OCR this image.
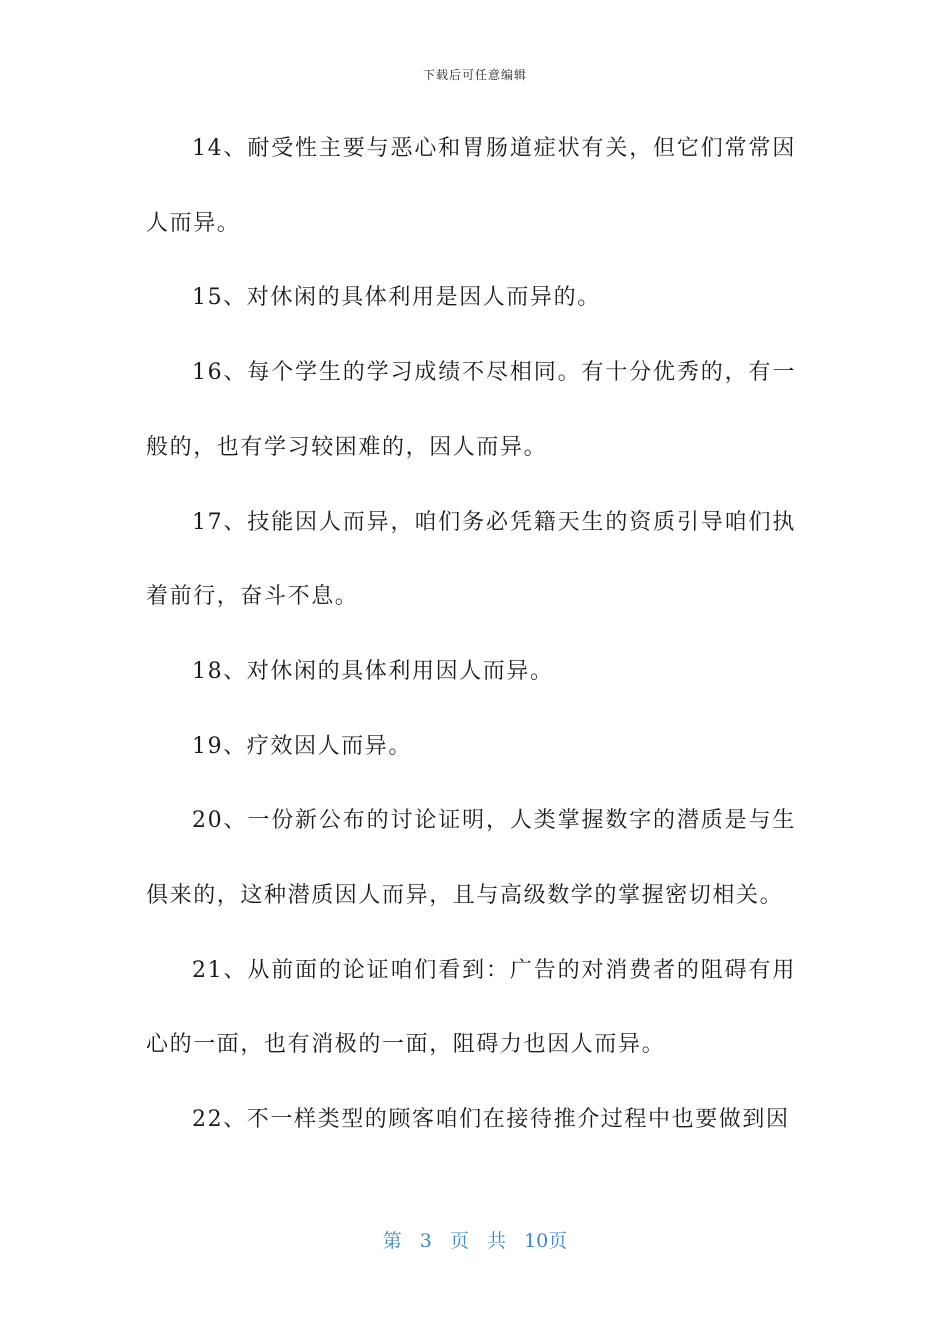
下载后可任意编辑

14、耐受性主要与恶心和胃肠道症状有关，但它们常常因人而异。

15、对休闲的具体利用是因人而异的。

16、每个学生的学习成绩不尽相同。有十分优秀的，有一般的，也有学习较困难的，因人而异。

17、技能因人而异，咱们务必凭籍天生的资质引导咱们执着前行，奋斗不息。

18、对休闲的具体利用因人而异。

19、疗效因人而异。

20、一份新公布的讨论证明，人类掌握数字的潜质是与生俱来的，这种潜质因人而异，且与高级数学的掌握密切相关。

21、从前面的论证咱们看到：广告的对消费者的阻碍有用心的一面，也有消极的一面，阻碍力也因人而异。

22、不一样类型的顾客咱们在接待推介过程中也要做到因

第 3 页 共 10页
